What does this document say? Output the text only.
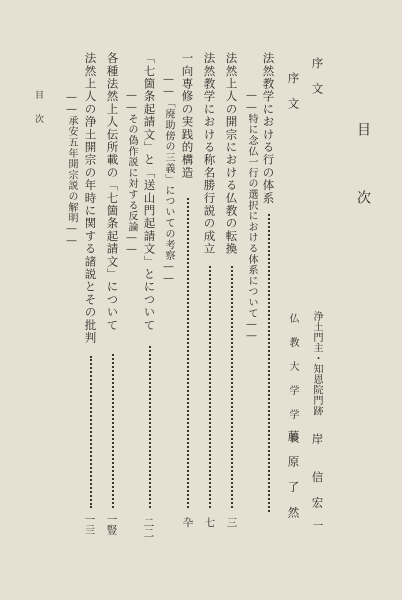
目　次
序　文
浄土門主・知恩院門跡
岸　　信　宏
一
序　文
仏 教 大 学 学 長
藤　原　了　然
法然教学における行の体系
――特に念仏一行の選択における体系について――
法然上人の開宗における仏教の転換
三
法然教学における称名勝行説の成立
七
一向専修の実践的構造
卆
――「廃助傍の三義」についての考察――
「七箇条起請文」と「送山門起請文」とについて
二二
――その偽作説に対する反論――
各種法然上人伝所載の「七箇条起請文」について
一豎
法然上人の浄土開宗の年時に関する諸説とその批判
一亖
――承安五年開宗説の解明――
目　次
